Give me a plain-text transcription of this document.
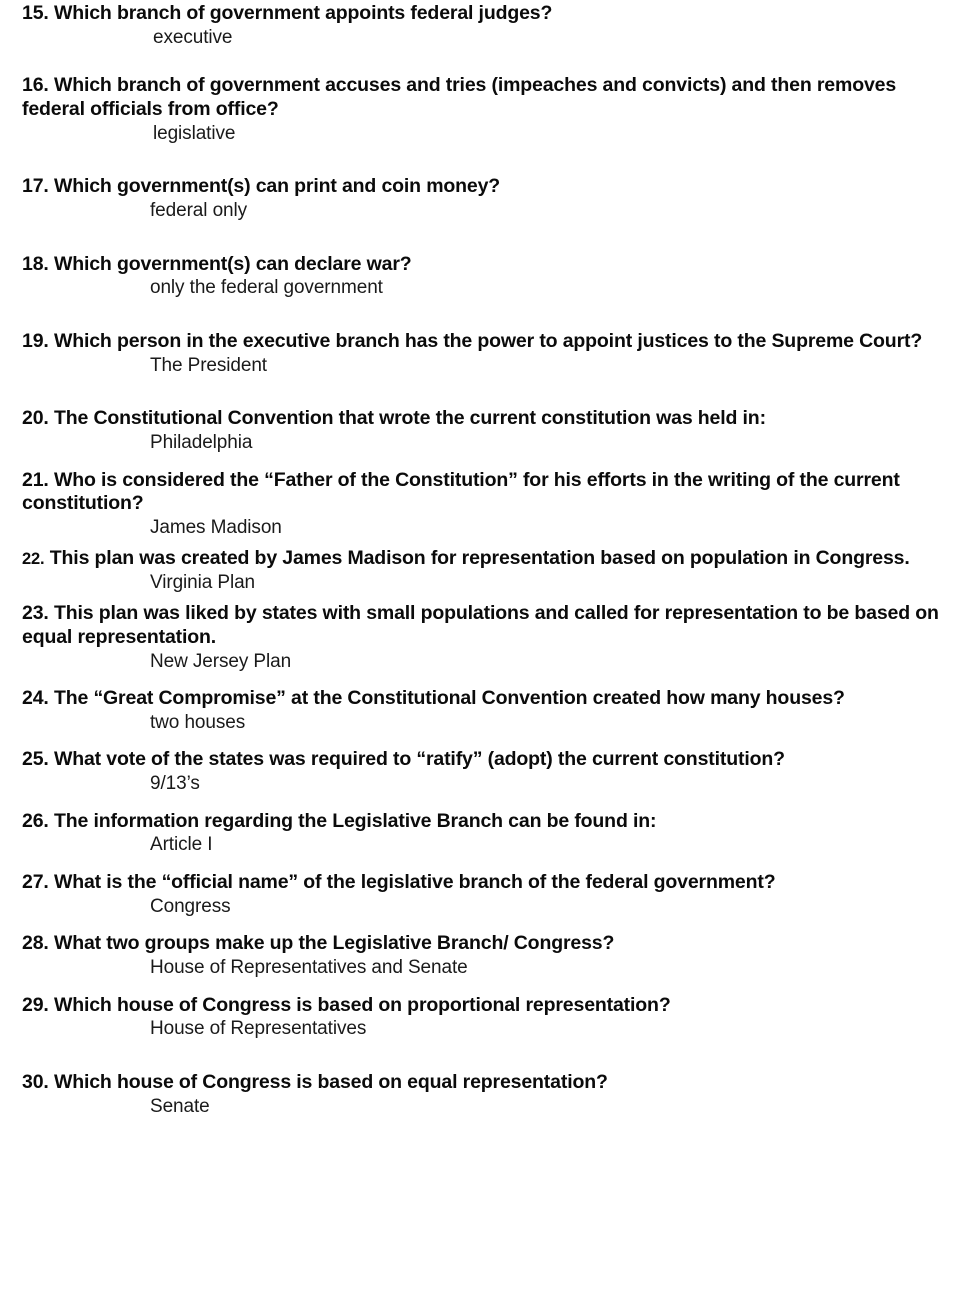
15. Which branch of government appoints federal judges?

executive

16. Which branch of government accuses and tries (impeaches and convicts) and then removes federal officials from office?

legislative

17. Which government(s) can print and coin money?

federal only

18. Which government(s) can declare war?

only the federal government

19. Which person in the executive branch has the power to appoint justices to the Supreme Court?

The President

20. The Constitutional Convention that wrote the current constitution was held in:

Philadelphia

21. Who is considered the “Father of the Constitution” for his efforts in the writing of the current constitution?

James Madison

22. This plan was created by James Madison for representation based on population in Congress.

Virginia Plan

23. This plan was liked by states with small populations and called for representation to be based on equal representation.

New Jersey Plan

24. The “Great Compromise” at the Constitutional Convention created how many houses?

two houses

25. What vote of the states was required to “ratify” (adopt) the current constitution?

9/13’s

26. The information regarding the Legislative Branch can be found in:

Article I

27. What is the “official name” of the legislative branch of the federal government?

Congress

28. What two groups make up the Legislative Branch/ Congress?

House of Representatives and Senate

29. Which house of Congress is based on proportional representation?

House of Representatives

30. Which house of Congress is based on equal representation?

Senate
